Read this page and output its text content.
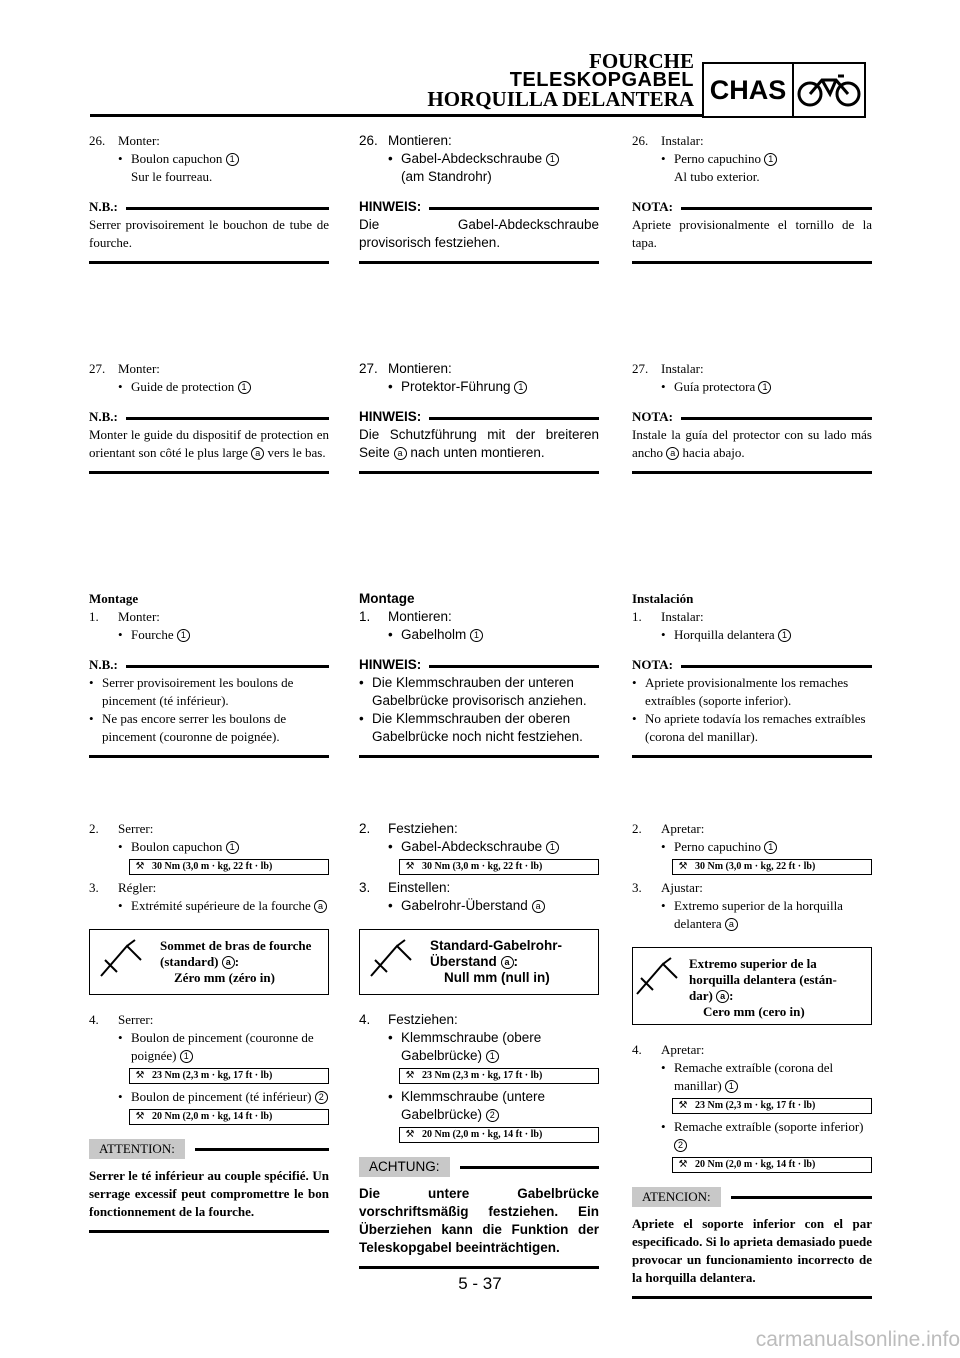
FOURCHE
TELESKOPGABEL
HORQUILLA DELANTERA CHAS
26. Monter:
• Boulon capuchon 1
Sur le fourreau.
N.B.:
Serrer provisoirement le bouchon de tube de fourche.
27. Monter:
• Guide de protection 1
N.B.:
Monter le guide du dispositif de protection en orientant son côté le plus large a vers le bas.
Montage
1. Monter:
• Fourche 1
N.B.:
• Serrer provisoirement les boulons de pincement (té inférieur).
• Ne pas encore serrer les boulons de pincement (couronne de poignée).
2. Serrer:
• Boulon capuchon 1
⚒ 30 Nm (3,0 m · kg, 22 ft · lb)
3. Régler:
• Extrémité supérieure de la fourche a
Sommet de bras de fourche
(standard) a :
Zéro mm (zéro in)
4. Serrer:
• Boulon de pincement (couronne de poignée) 1
⚒ 23 Nm (2,3 m · kg, 17 ft · lb)
• Boulon de pincement (té inférieur) 2
⚒ 20 Nm (2,0 m · kg, 14 ft · lb)
ATTENTION:
Serrer le té inférieur au couple spécifié. Un serrage excessif peut compromettre le bon fonctionnement de la fourche.
26. Montieren:
• Gabel-Abdeckschraube 1
(am Standrohr)
HINWEIS:
Die Gabel-Abdeckschraube provisorisch festziehen.
27. Montieren:
• Protektor-Führung 1
HINWEIS:
Die Schutzführung mit der breiteren Seite a nach unten montieren.
Montage
1. Montieren:
• Gabelholm 1
HINWEIS:
• Die Klemmschrauben der unteren Gabelbrücke provisorisch anziehen.
• Die Klemmschrauben der oberen Gabelbrücke noch nicht festziehen.
2. Festziehen:
• Gabel-Abdeckschraube 1
⚒ 30 Nm (3,0 m · kg, 22 ft · lb)
3. Einstellen:
• Gabelrohr-Überstand a
Standard-Gabelrohr-
Überstand a :
Null mm (null in)
4. Festziehen:
• Klemmschraube (obere Gabelbrücke) 1
⚒ 23 Nm (2,3 m · kg, 17 ft · lb)
• Klemmschraube (untere Gabelbrücke) 2
⚒ 20 Nm (2,0 m · kg, 14 ft · lb)
ACHTUNG:
Die untere Gabelbrücke vorschriftsmäßig festziehen. Ein Überziehen kann die Funktion der Teleskopgabel beeinträchtigen.
26. Instalar:
• Perno capuchino 1
Al tubo exterior.
NOTA:
Apriete provisionalmente el tornillo de la tapa.
27. Instalar:
• Guía protectora 1
NOTA:
Instale la guía del protector con su lado más ancho a hacia abajo.
Instalación
1. Instalar:
• Horquilla delantera 1
NOTA:
• Apriete provisionalmente los remaches extraíbles (soporte inferior).
• No apriete todavía los remaches extraíbles (corona del manillar).
2. Apretar:
• Perno capuchino 1
⚒ 30 Nm (3,0 m · kg, 22 ft · lb)
3. Ajustar:
• Extremo superior de la horquilla delantera a
Extremo superior de la horquilla delantera (están-
dar) a :
Cero mm (cero in)
4. Apretar:
• Remache extraíble (corona del manillar) 1
⚒ 23 Nm (2,3 m · kg, 17 ft · lb)
• Remache extraíble (soporte inferior) 2
⚒ 20 Nm (2,0 m · kg, 14 ft · lb)
ATENCION:
Apriete el soporte inferior con el par especificado. Si lo aprieta demasiado puede provocar un funcionamiento incorrecto de la horquilla delantera.
5 - 37
carmanualsonline.info
